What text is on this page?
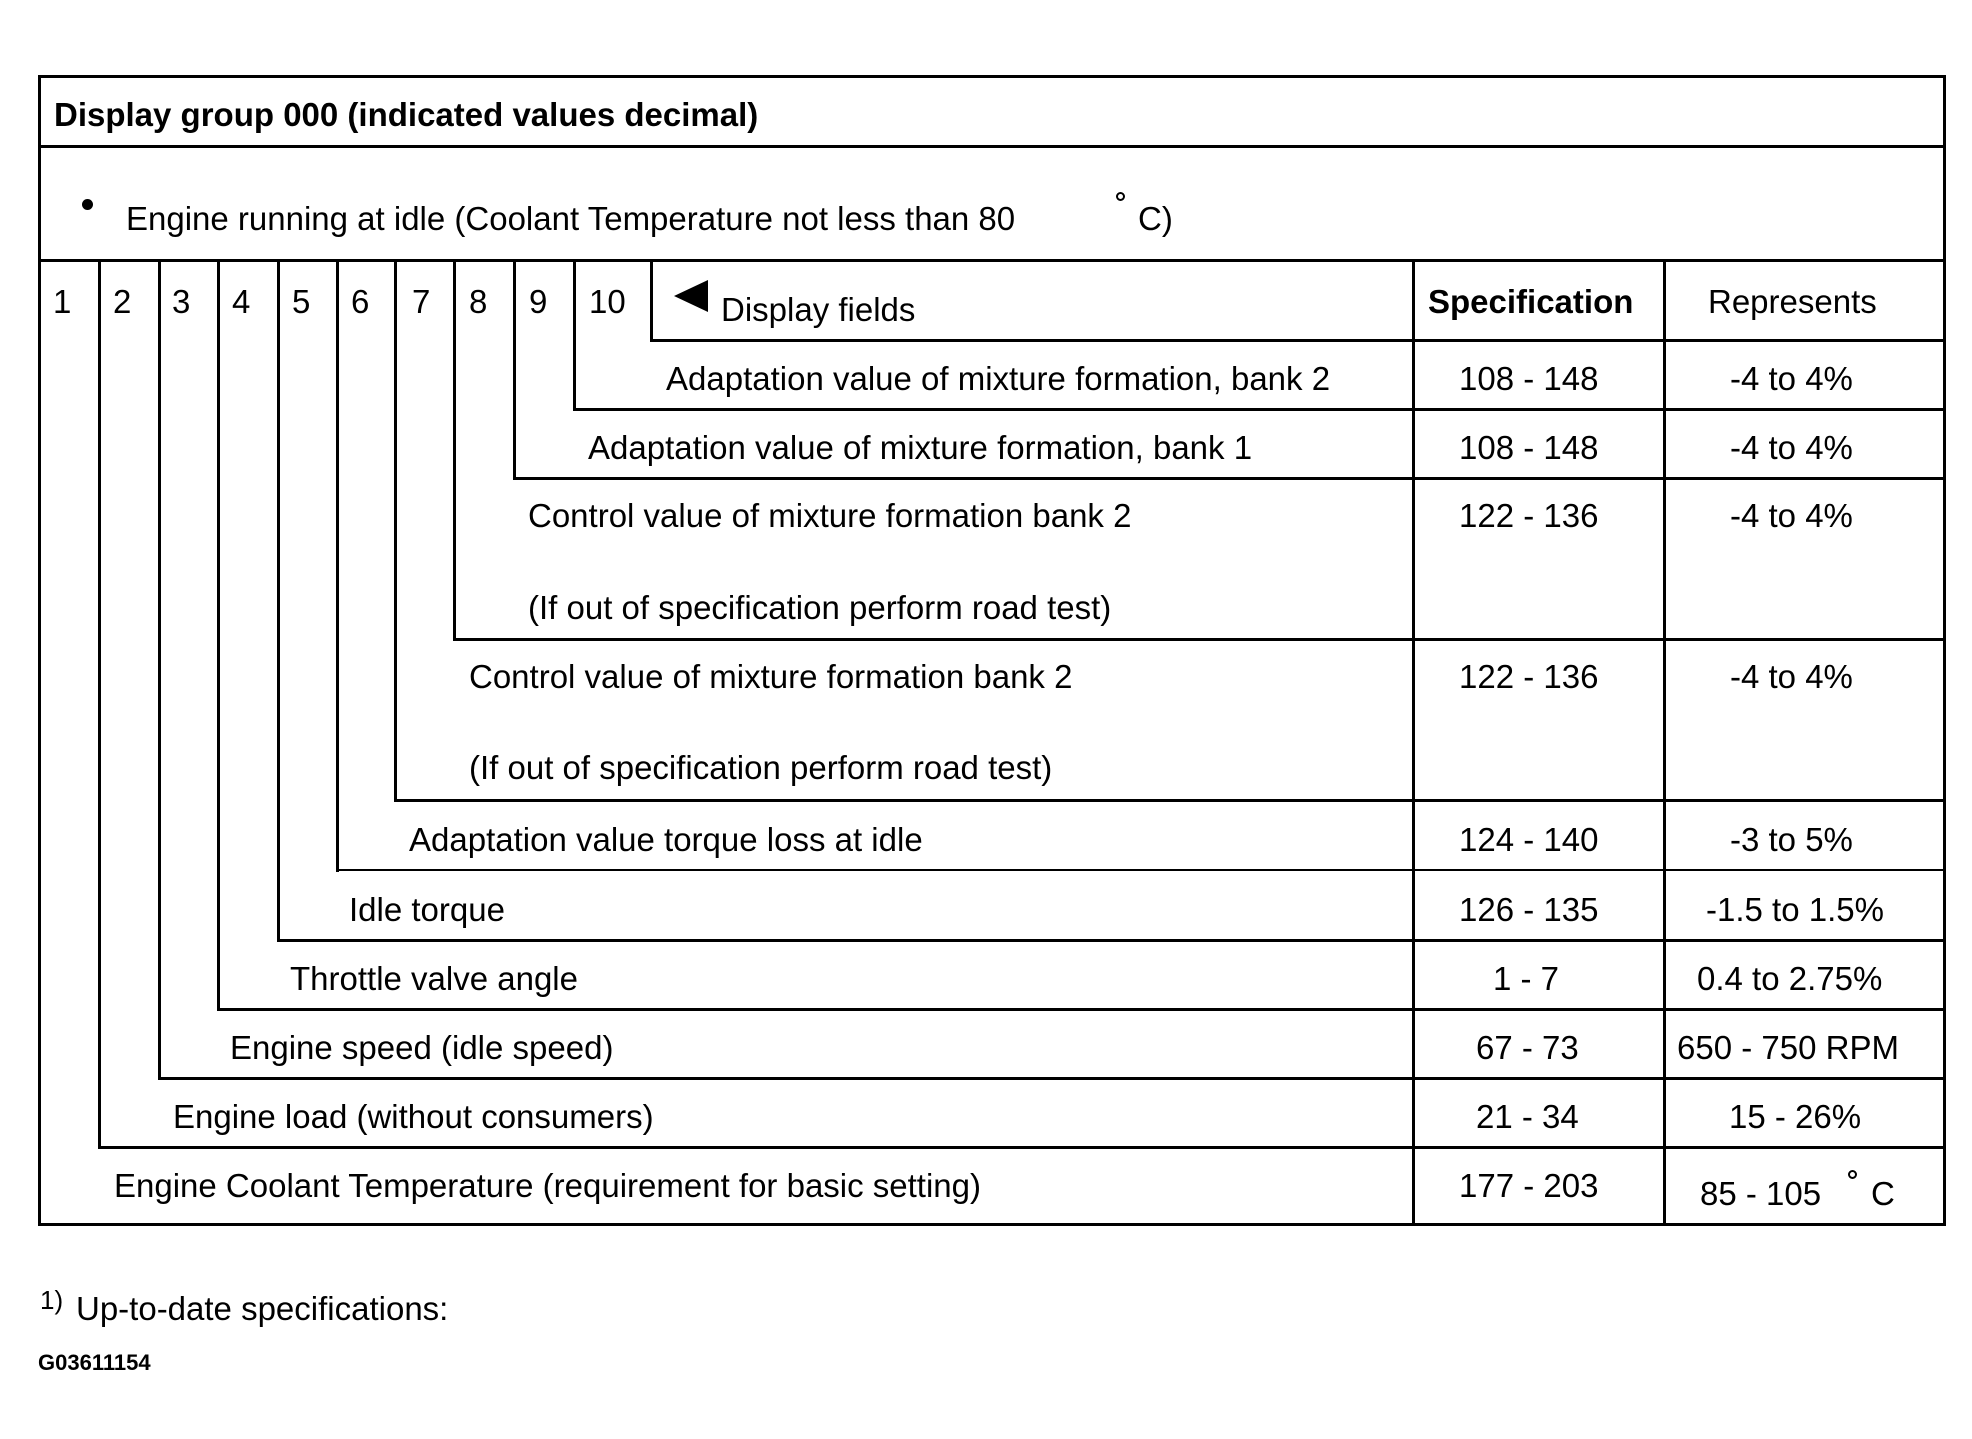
Display group 000 (indicated values decimal)
Engine running at idle (Coolant Temperature not less than 80	C)
1 2 3 4 5 6 7 8 9 10	Display fields	Specification Represents
Adaptation value of mixture formation, bank 2	108 - 148	-4 to 4%
Adaptation value of mixture formation, bank 1	108 - 148	-4 to 4%
Control value of mixture formation bank 2
(If out of specification perform road test)
122 - 136	-4 to 4%
Control value of mixture formation bank 2
(If out of specification perform road test)
122 - 136	-4 to 4%
Adaptation value torque loss at idle	124 - 140	-3 to 5%
Idle torque	126 - 135	-1.5 to 1.5%
Throttle valve angle	1 - 7	0.4 to 2.75%
Engine speed (idle speed)	67 - 73	650 - 750 RPM
Engine load (without consumers)	21 - 34	15 - 26%
Engine Coolant Temperature (requirement for basic setting)	177 - 203	85 - 105 C
1) Up-to-date specifications:
G03611154
